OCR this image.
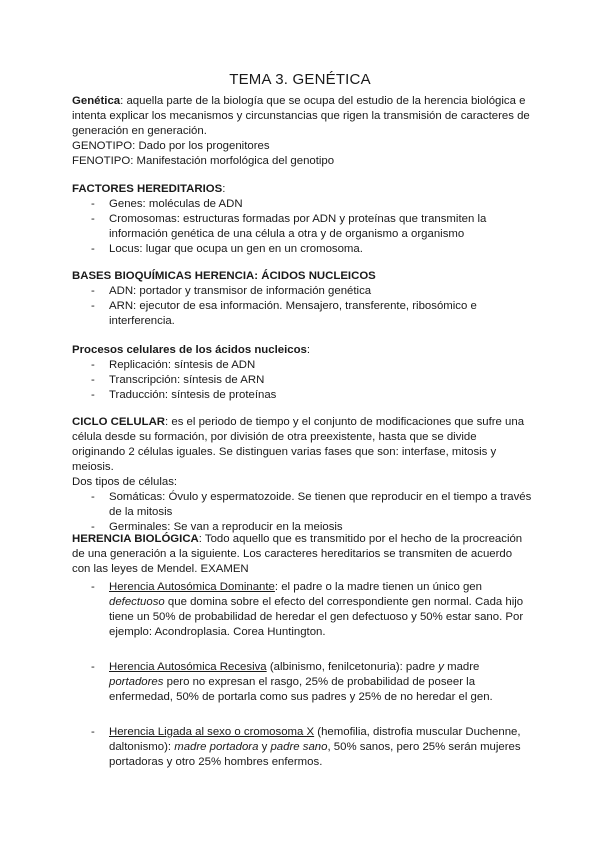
TEMA 3. GENÉTICA

Genética: aquella parte de la biología que se ocupa del estudio de la herencia biológica e intenta explicar los mecanismos y circunstancias que rigen la transmisión de caracteres de generación en generación.

GENOTIPO: Dado por los progenitores

FENOTIPO: Manifestación morfológica del genotipo

FACTORES HEREDITARIOS:

- Genes: moléculas de ADN
- Cromosomas: estructuras formadas por ADN y proteínas que transmiten la información genética de una célula a otra y de organismo a organismo
- Locus: lugar que ocupa un gen en un cromosoma.

BASES BIOQUÍMICAS HERENCIA: ÁCIDOS NUCLEICOS

- ADN: portador y transmisor de información genética
- ARN: ejecutor de esa información. Mensajero, transferente, ribosómico e interferencia.

Procesos celulares de los ácidos nucleicos:

- Replicación: síntesis de ADN
- Transcripción: síntesis de ARN
- Traducción: síntesis de proteínas

CICLO CELULAR: es el periodo de tiempo y el conjunto de modificaciones que sufre una célula desde su formación, por división de otra preexistente, hasta que se divide originando 2 células iguales. Se distinguen varias fases que son: interfase, mitosis y meiosis.

Dos tipos de células:

- Somáticas: Óvulo y espermatozoide. Se tienen que reproducir en el tiempo a través de la mitosis
- Germinales: Se van a reproducir en la meiosis

HERENCIA BIOLÓGICA: Todo aquello que es transmitido por el hecho de la procreación de una generación a la siguiente. Los caracteres hereditarios se transmiten de acuerdo con las leyes de Mendel. EXAMEN

- Herencia Autosómica Dominante: el padre o la madre tienen un único gen defectuoso que domina sobre el efecto del correspondiente gen normal. Cada hijo tiene un 50% de probabilidad de heredar el gen defectuoso y 50% estar sano. Por ejemplo: Acondroplasia. Corea Huntington.
- Herencia Autosómica Recesiva (albinismo, fenilcetonuria): padre y madre portadores pero no expresan el rasgo, 25% de probabilidad de poseer la enfermedad, 50% de portarla como sus padres y 25% de no heredar el gen.
- Herencia Ligada al sexo o cromosoma X (hemofilia, distrofia muscular Duchenne, daltonismo): madre portadora y padre sano, 50% sanos, pero 25% serán mujeres portadoras y otro 25% hombres enfermos.
